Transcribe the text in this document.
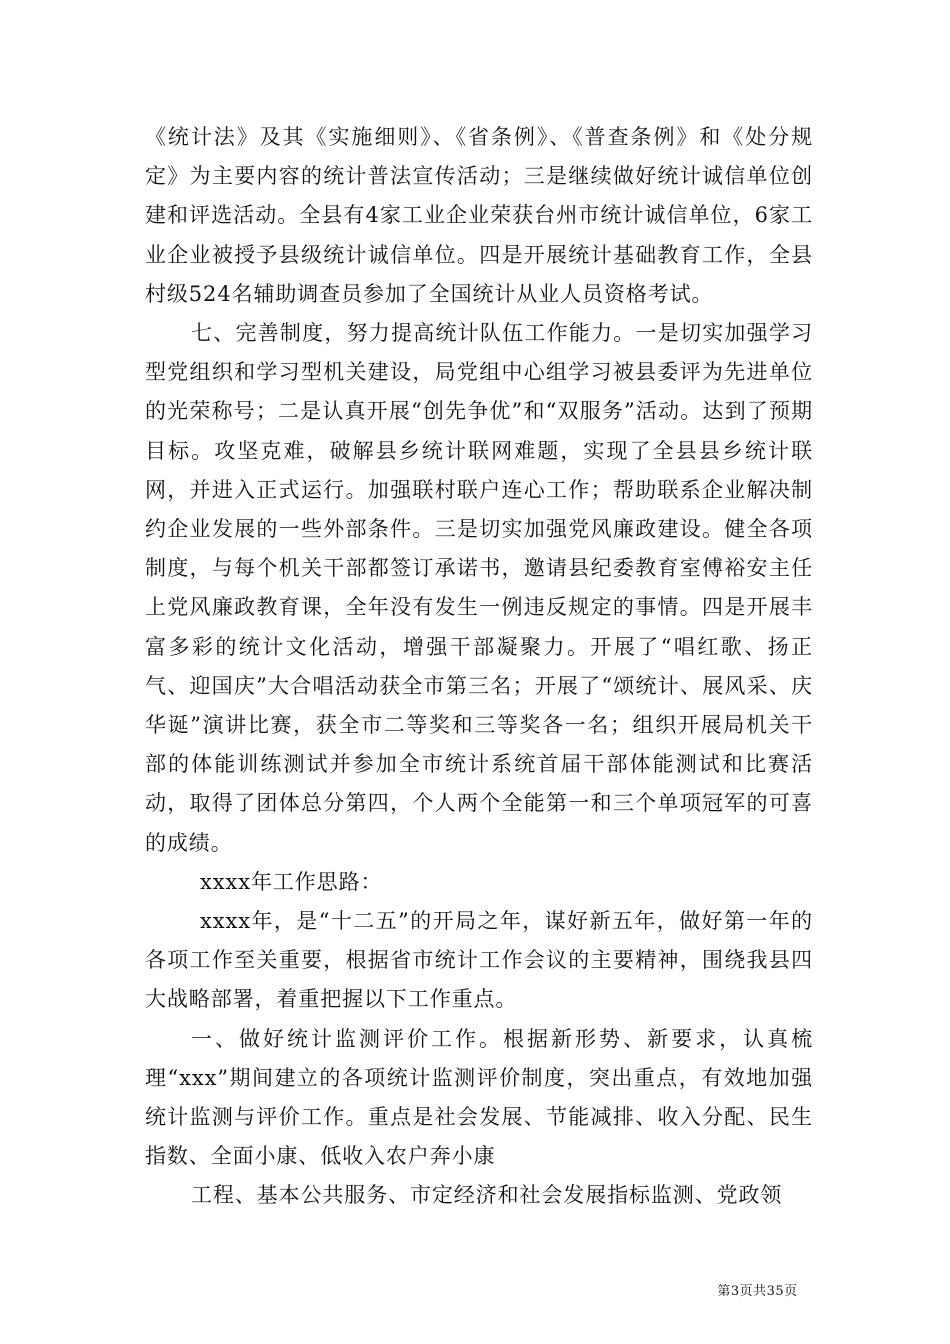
《统计法》及其《实施细则》、《省条例》、《普查条例》和《处分规定》为主要内容的统计普法宣传活动；三是继续做好统计诚信单位创建和评选活动。全县有4家工业企业荣获台州市统计诚信单位，6家工业企业被授予县级统计诚信单位。四是开展统计基础教育工作，全县村级524名辅助调查员参加了全国统计从业人员资格考试。

七、完善制度，努力提高统计队伍工作能力。一是切实加强学习型党组织和学习型机关建设，局党组中心组学习被县委评为先进单位的光荣称号；二是认真开展“创先争优”和“双服务”活动。达到了预期目标。攻坚克难，破解县乡统计联网难题，实现了全县县乡统计联网，并进入正式运行。加强联村联户连心工作；帮助联系企业解决制约企业发展的一些外部条件。三是切实加强党风廉政建设。健全各项制度，与每个机关干部都签订承诺书，邀请县纪委教育室傅裕安主任上党风廉政教育课，全年没有发生一例违反规定的事情。四是开展丰富多彩的统计文化活动，增强干部凝聚力。开展了“唱红歌、扬正气、迎国庆”大合唱活动获全市第三名；开展了“颂统计、展风采、庆华诞”演讲比赛，获全市二等奖和三等奖各一名；组织开展局机关干部的体能训练测试并参加全市统计系统首届干部体能测试和比赛活动，取得了团体总分第四，个人两个全能第一和三个单项冠军的可喜的成绩。

xxxx年工作思路：

xxxx年，是“十二五”的开局之年，谋好新五年，做好第一年的各项工作至关重要，根据省市统计工作会议的主要精神，围绕我县四大战略部署，着重把握以下工作重点。

一、做好统计监测评价工作。根据新形势、新要求，认真梳理“xxx”期间建立的各项统计监测评价制度，突出重点，有效地加强统计监测与评价工作。重点是社会发展、节能减排、收入分配、民生指数、全面小康、低收入农户奔小康

工程、基本公共服务、市定经济和社会发展指标监测、党政领

第3页共35页
